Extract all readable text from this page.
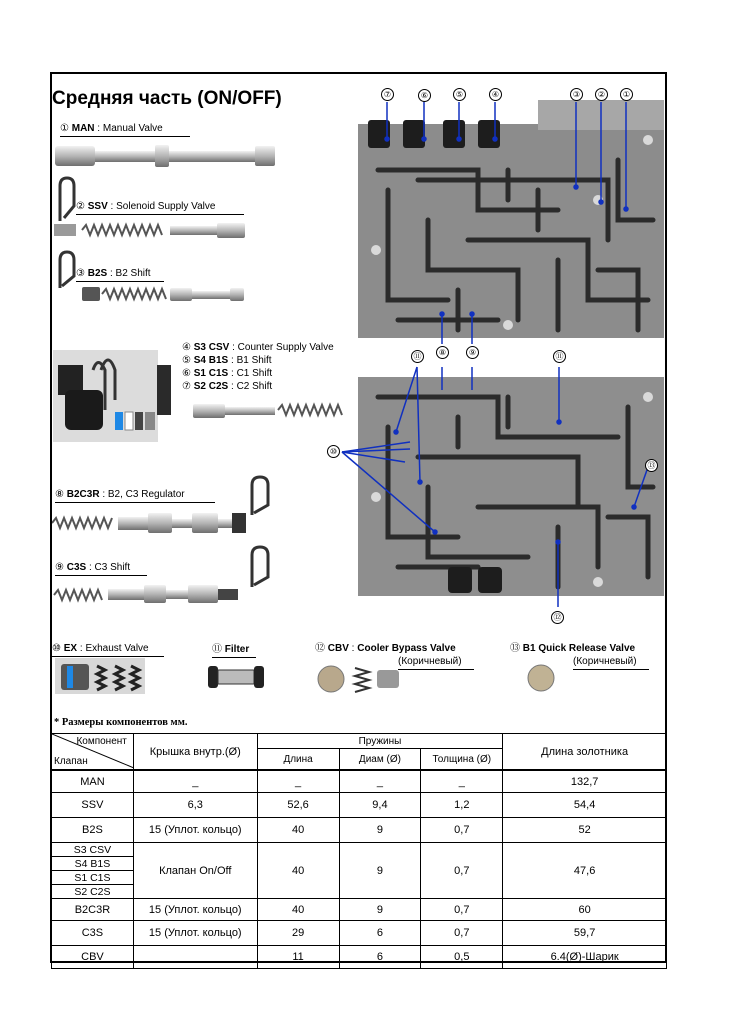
Средняя часть (ON/OFF)
① MAN : Manual Valve
② SSV : Solenoid Supply Valve
③ B2S : B2 Shift
④ S3 CSV : Counter Supply Valve
⑤ S4 B1S : B1 Shift
⑥ S1 C1S : C1 Shift
⑦ S2 C2S : C2 Shift
⑧ B2C3R : B2, C3 Regulator
⑨ C3S : C3 Shift
⑩ EX : Exhaust Valve	⑪ Filter	⑫ CBV : Cooler Bypass Valve
(Коричневый)
⑬ B1 Quick Release Valve
(Коричневый)
⑦	⑥	⑤	④	③	②	①
⑧	⑨
⑪	⑪
⑩
⑬
⑫
* Размеры компонентов мм.
Компонент
Клапан	Крышка внутр.(Ø)	Пружины			Длина золотника
		Длина	Диам (Ø)	Толщина (Ø)	
MAN	_	_	_	_	132,7
SSV	6,3	52,6	9,4	1,2	54,4
B2S	15 (Уплот. кольцо)	40	9	0,7	52
S3 CSV	Клапан On/Off	40	9	0,7	47,6
S4 B1S					
S1 C1S					
S2 C2S					
B2C3R	15 (Уплот. кольцо)	40	9	0,7	60
C3S	15 (Уплот. кольцо)	29	6	0,7	59,7
CBV	_	11	6	0,5	6.4(Ø)-Шарик
